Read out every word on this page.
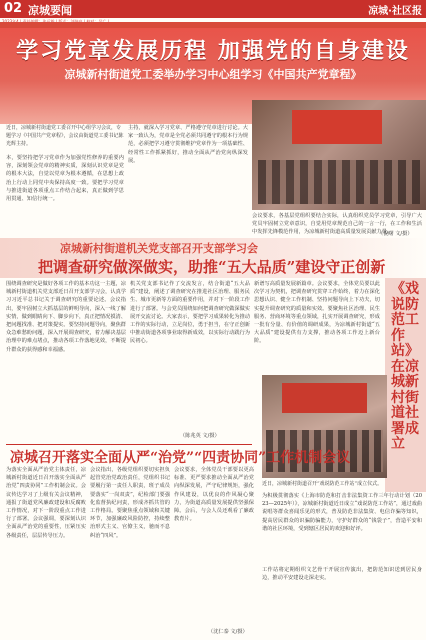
02 凉城要闻	凉城·社区报
学习党章发展历程 加强党的自身建设
凉城新村街道党工委举办学习中心组学习《中国共产党章程》
近日，凉城新村街道党工委召开中心组学习会议，专题学习《中国共产党章程》，会议由街道党工委书记陈光辉主持。
本，要坚持把学习党章作为加强党性修养的重要内容，深刻领会党章的精神实质，深刻认识党章是党的根本大法，自觉以党章为根本遵循，在思想上政治上行动上同党中央保持高度一致。要把学习党章与推进街道各项重点工作结合起来，真正做到学思用贯通、知信行统一。
主持，就深入学习党章、严格遵守党章进行讨论。大家一致认为，党章是全党必须共同遵守的根本行为规范，必须把学习遵守贯彻维护党章作为一项基础性、经常性工作抓紧抓好，推动全面从严治党向纵深发展。
会议要求，各基层党组织要结合实际，认真组织党员学习党章，引导广大党员牢固树立党章意识，自觉用党章规范自己的一言一行，在工作和生活中发挥先锋模范作用，为凉城新村街道高质量发展贡献力量。
（倪曙 文/摄）
凉城新村街道机关党支部召开支部学习会
把调查研究做深做实，助推“五大品质”建设守正创新
围绕调查研究是做好各项工作的基本功这一主题，凉城新村街道机关党支部近日召开支部学习会，认真学习习近平总书记关于调查研究的重要论述。会议指出，要牢固树立大抓基层的鲜明导向，深入一线了解实情，做到眼睛向下、脚步向下，真正把情况摸清、把问题找准、把对策提实。要坚持问题导向，聚焦群众急难愁盼问题，深入开展调查研究，着力解决基层治理中的难点堵点，推动各项工作落地见效，不断提升群众的获得感和幸福感。
机关党支部书记作了交流发言，结合街道“五大品质”建设，阐述了调查研究在推进社区治理、服务民生、城市更新等方面的重要作用，并对下一阶段工作进行了部署。与会党员围绕如何把调查研究做深做实展开交流讨论。大家表示，要把学习成果转化为推动工作的实际行动，立足岗位，勇于担当，在守正创新中推动街道各项事业取得新成效，以实际行动践行为民初心。
新谱写高质量发展新篇章。会议要求，全体党员要以此次学习为契机，把调查研究贯穿工作始终，着力在深化思想认识、健全工作机制、坚持问题导向上下功夫，切实提升调查研究的质量和实效。要聚焦社区治理、民生服务、营商环境等重点领域，扎实开展调查研究，形成一批有分量、有价值的调研成果，为凉城新村街道“五大品质”建设提供有力支撑，推动各项工作迈上新台阶。
（陈兆英 文/摄）
《戏说防范工作站》在凉城新村街道社署成立
近日，凉城新村街道召开“戏说防范工作站”成立仪式。
为积极贯彻落实《上海市防范和打击非法集资工作三年行动计划（2023—2025年）》，凉城新村街道近日成立“戏说防范工作站”，通过戏曲说唱等群众喜闻乐见的形式，普及防范非法集资、电信诈骗等知识，提高居民群众的识骗防骗能力，守护好群众的“钱袋子”，营造平安和谐的社区环境，受到辖区居民的欢迎和好评。
工作站将定期组织文艺骨干开展宣传演出，把防范知识送到居民身边，推动平安建设走深走实。
凉城召开落实全面从严“治党”“四责协同”工作机制会议
为落实全面从严治党主体责任，凉城新村街道近日召开落实全面从严治党“四责协同”工作机制会议。会议传达学习了上级有关会议精神，通报了街道党风廉政建设和反腐败工作情况，对下一阶段重点工作进行了部署。会议强调，要深刻认识全面从严治党的重要性，压紧压实各级责任，层层传导压力。
会议指出，各级党组织要切实担负起管党治党政治责任，党组织书记要履行第一责任人职责，班子成员要落实“一岗双责”，纪检部门要强化监督执纪问责，形成齐抓共管的工作格局。要聚焦重点领域和关键环节，加强廉政风险防控，持续整治形式主义、官僚主义，驰而不息纠治“四风”。
会议要求，全体党员干部要以更高标准、更严要求推动全面从严治党向纵深发展，严守纪律规矩，强化作风建设，以优良的作风凝心聚力，为街道高质量发展提供坚强保障。会后，与会人员还观看了廉政教育片。
（沈仁泰 文/摄）
